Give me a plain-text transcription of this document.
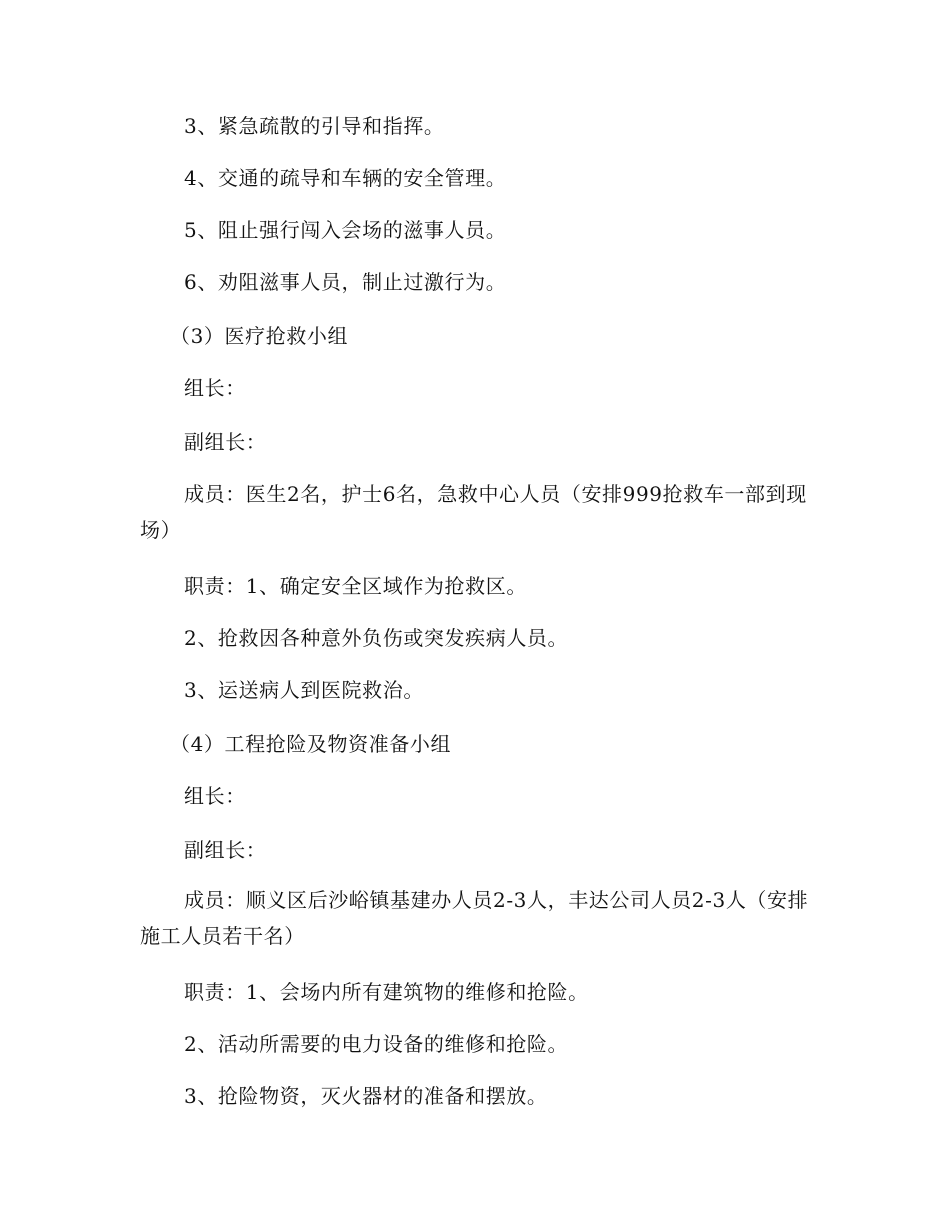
3、紧急疏散的引导和指挥。

4、交通的疏导和车辆的安全管理。

5、阻止强行闯入会场的滋事人员。

6、劝阻滋事人员，制止过激行为。

（3）医疗抢救小组

组长：

副组长：

成员：医生2名，护士6名，急救中心人员（安排999抢救车一部到现场）

职责：1、确定安全区域作为抢救区。

2、抢救因各种意外负伤或突发疾病人员。

3、运送病人到医院救治。

（4）工程抢险及物资准备小组

组长：

副组长：

成员：顺义区后沙峪镇基建办人员2-3人，丰达公司人员2-3人（安排施工人员若干名）

职责：1、会场内所有建筑物的维修和抢险。

2、活动所需要的电力设备的维修和抢险。

3、抢险物资，灭火器材的准备和摆放。
